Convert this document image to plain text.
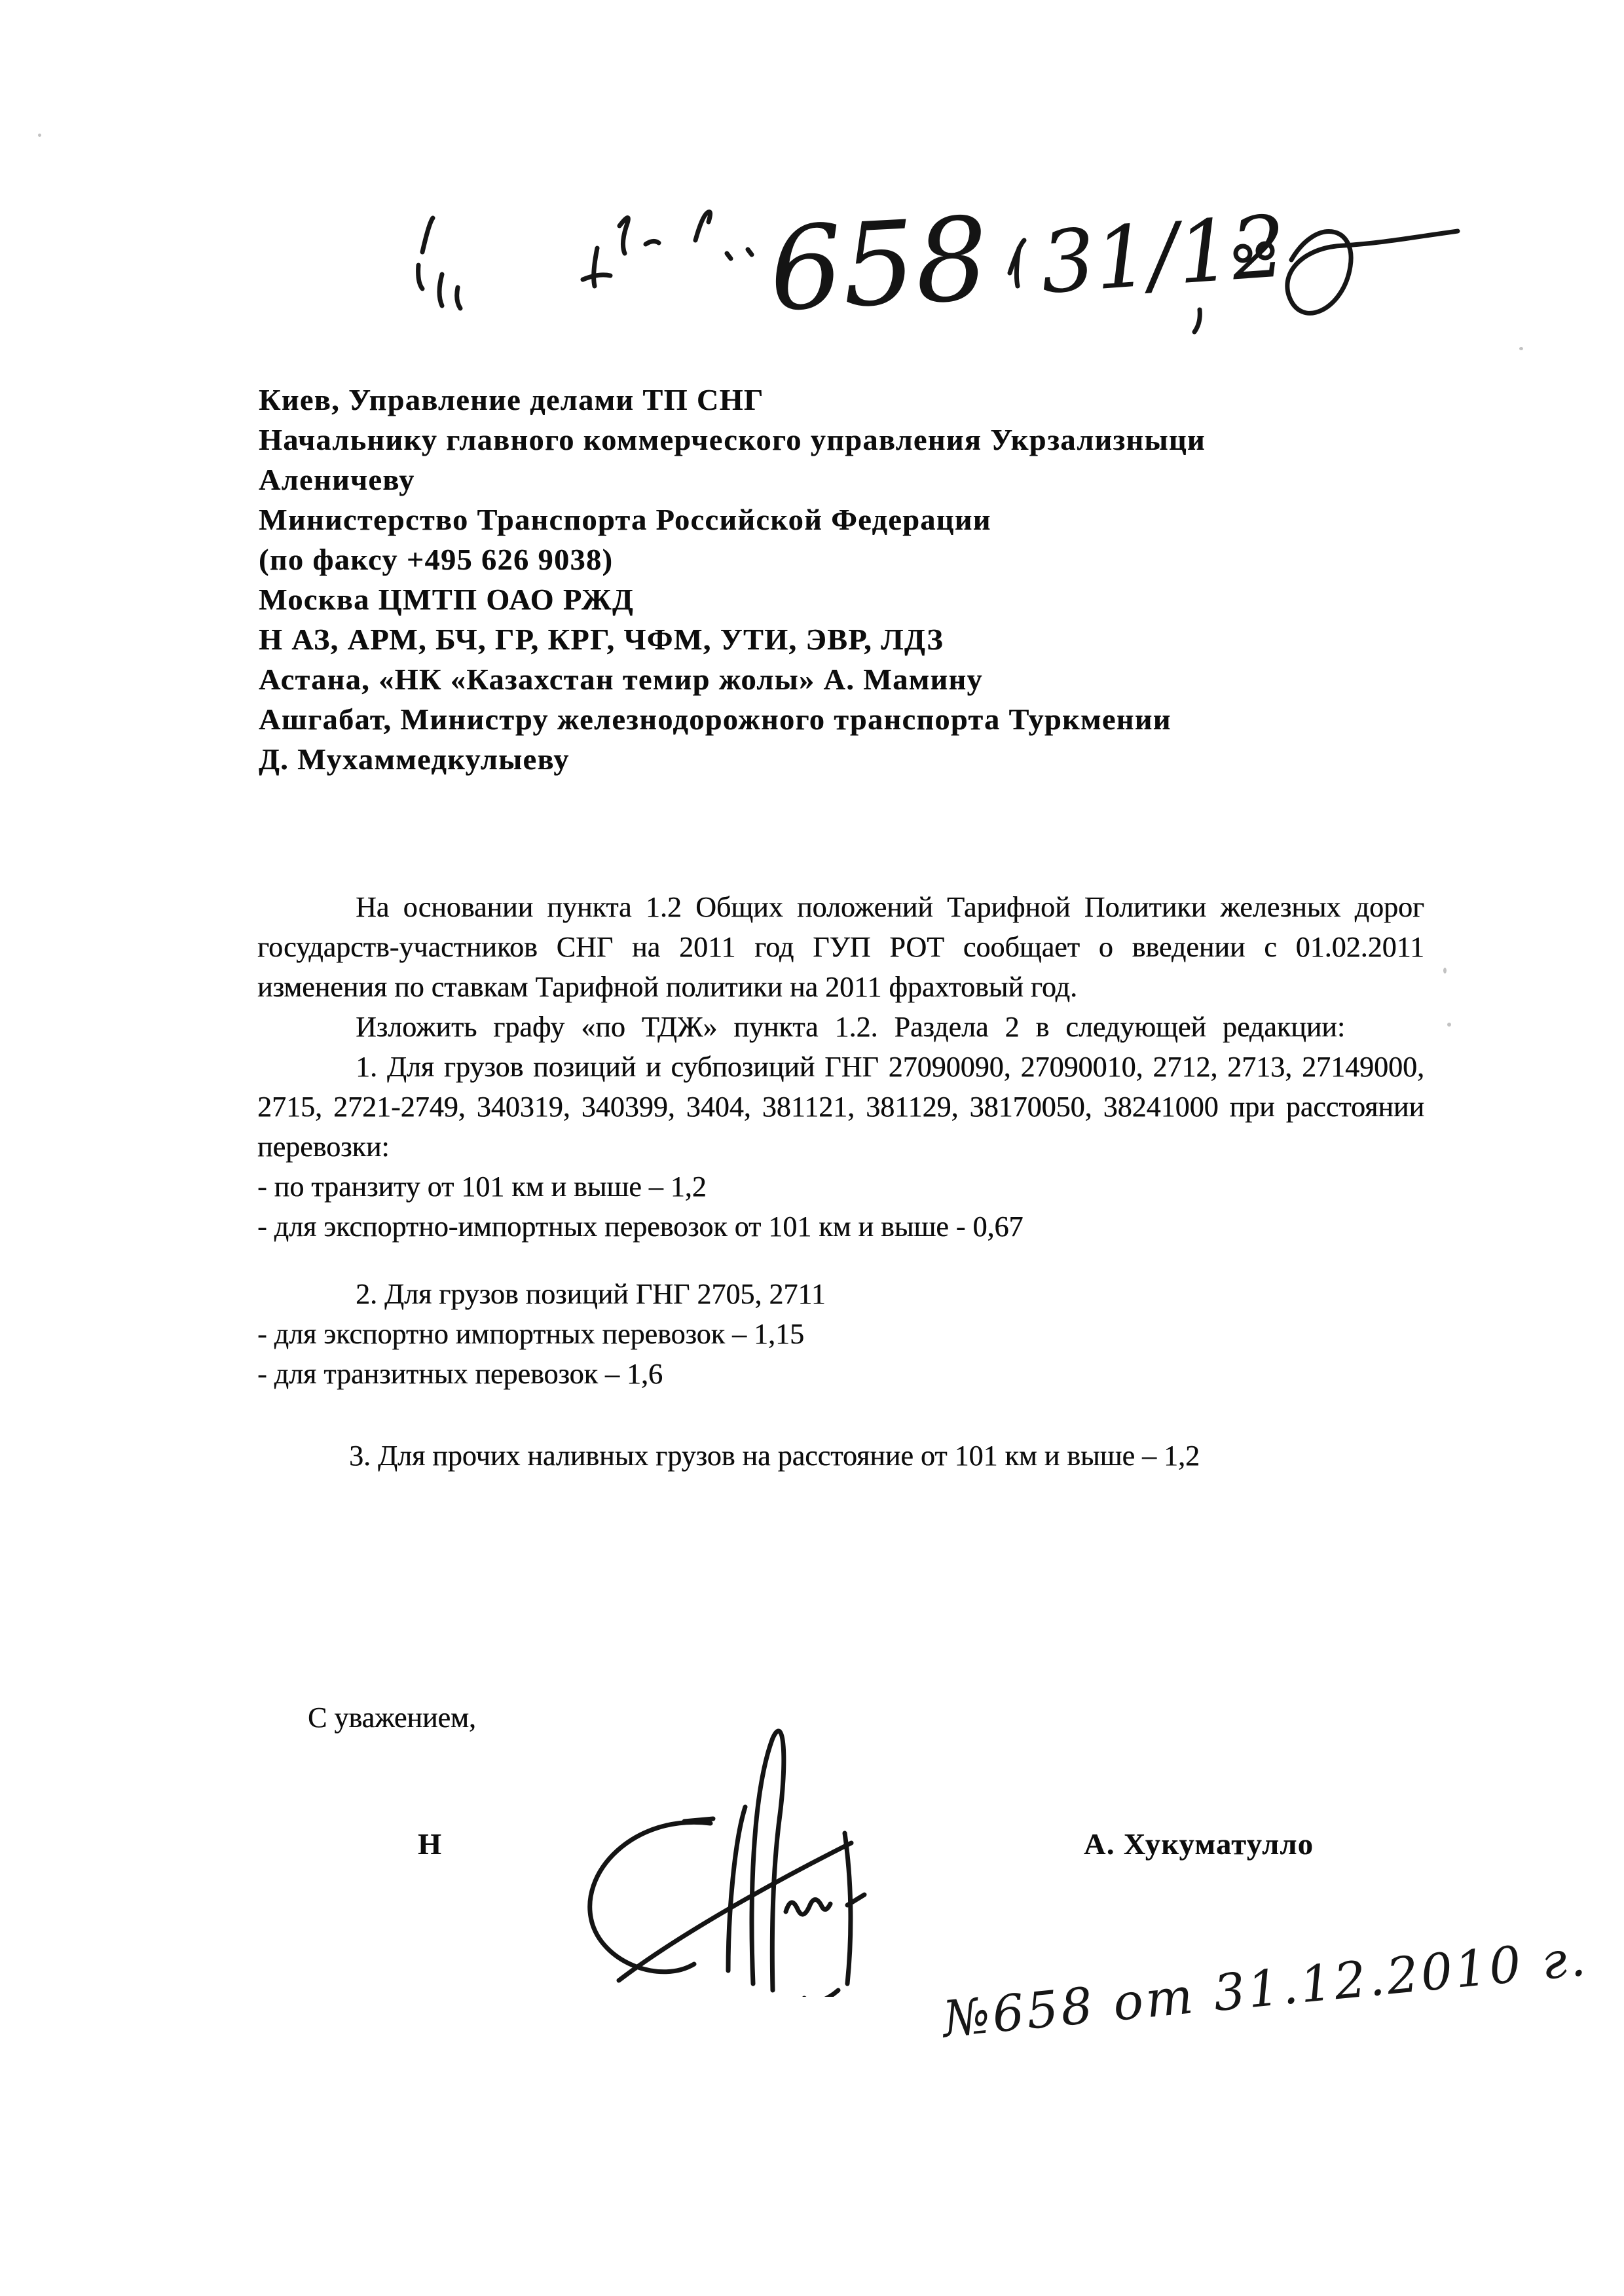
658 31/12
Киев, Управление делами ТП СНГ
Начальнику главного коммерческого управления Укрзализныци
Аленичеву
Министерство Транспорта Российской Федерации
(по факсу +495 626 9038)
Москва ЦМТП ОАО РЖД
Н АЗ, АРМ, БЧ, ГР, КРГ, ЧФМ, УТИ, ЭВР, ЛДЗ
Астана, «НК «Казахстан темир жолы» А. Мамину
Ашгабат, Министру железнодорожного транспорта Туркмении
Д. Мухаммедкулыеву

На основании пункта 1.2 Общих положений Тарифной Политики железных дорог государств-участников СНГ на 2011 год ГУП РОТ сообщает о введении с 01.02.2011 изменения по ставкам Тарифной политики на 2011 фрахтовый год.

Изложить графу «по ТДЖ» пункта 1.2. Раздела 2 в следующей редакции:

1. Для грузов позиций и субпозиций ГНГ 27090090, 27090010, 2712, 2713, 27149000, 2715, 2721-2749, 340319, 340399, 3404, 381121, 381129, 38170050, 38241000 при расстоянии перевозки:

- по транзиту от 101 км и выше – 1,2
- для экспортно-импортных перевозок от 101 км и выше - 0,67

2. Для грузов позиций ГНГ 2705, 2711

- для экспортно импортных перевозок – 1,15
- для транзитных перевозок – 1,6
3. Для прочих наливных грузов на расстояние от 101 км и выше – 1,2
С уважением,
Н	А. Хукуматулло
№658 от 31.12.2010 г.
